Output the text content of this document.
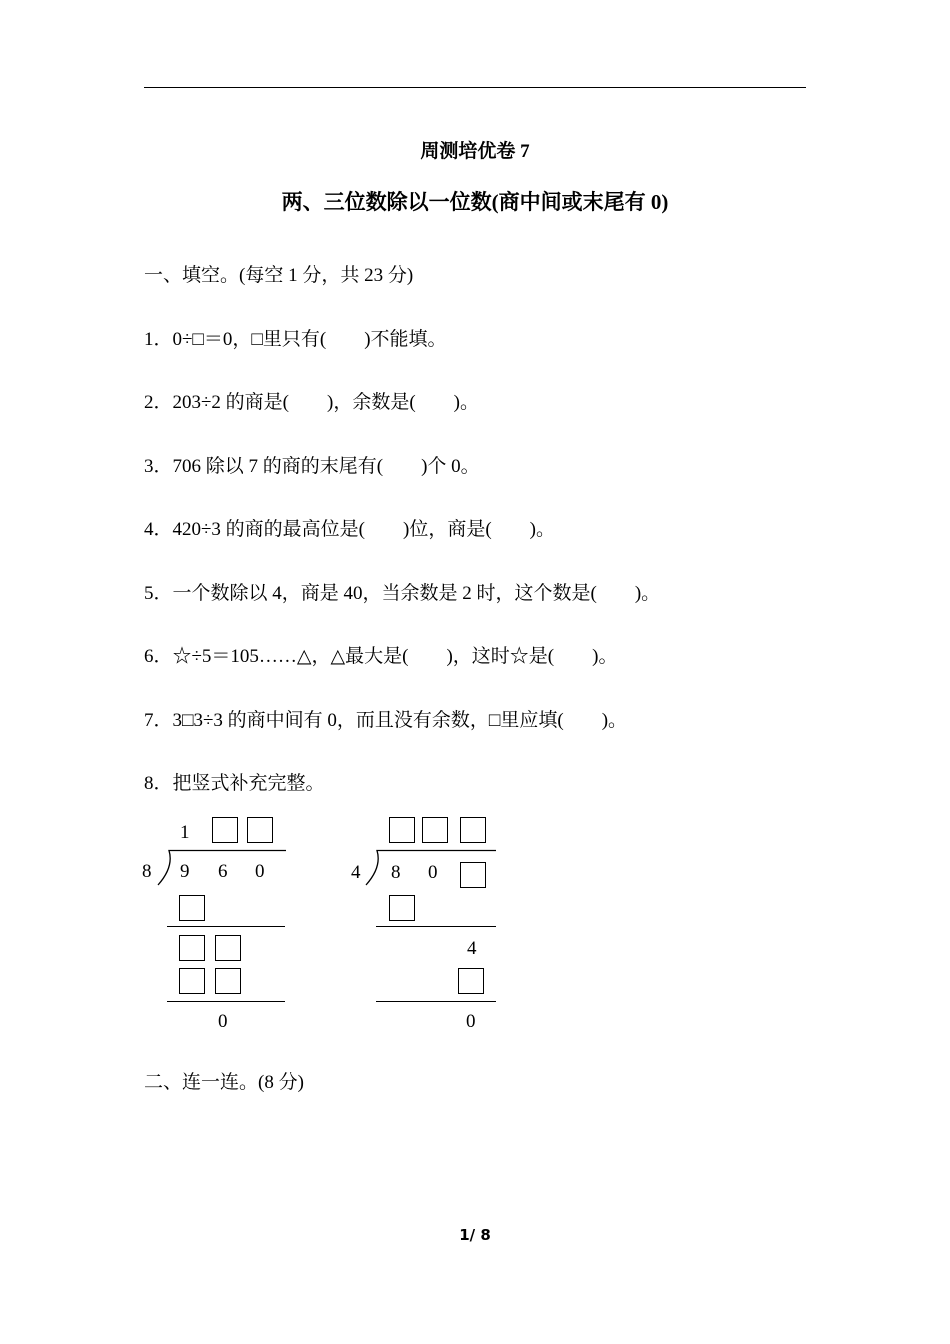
周测培优卷 7
两、三位数除以一位数(商中间或末尾有 0)
一、填空。(每空 1 分，共 23 分)
1．0÷□＝0，□里只有(　　)不能填。
2．203÷2 的商是(　　)，余数是(　　)。
3．706 除以 7 的商的末尾有(　　)个 0。
4．420÷3 的商的最高位是(　　)位，商是(　　)。
5．一个数除以 4，商是 40，当余数是 2 时，这个数是(　　)。
6．☆÷5＝105……△，△最大是(　　)，这时☆是(　　)。
7．3□3÷3 的商中间有 0，而且没有余数，□里应填(　　)。
8．把竖式补充完整。
1
8 9 6 0
0
4 8 0
4
0
二、连一连。(8 分)
1/ 8
